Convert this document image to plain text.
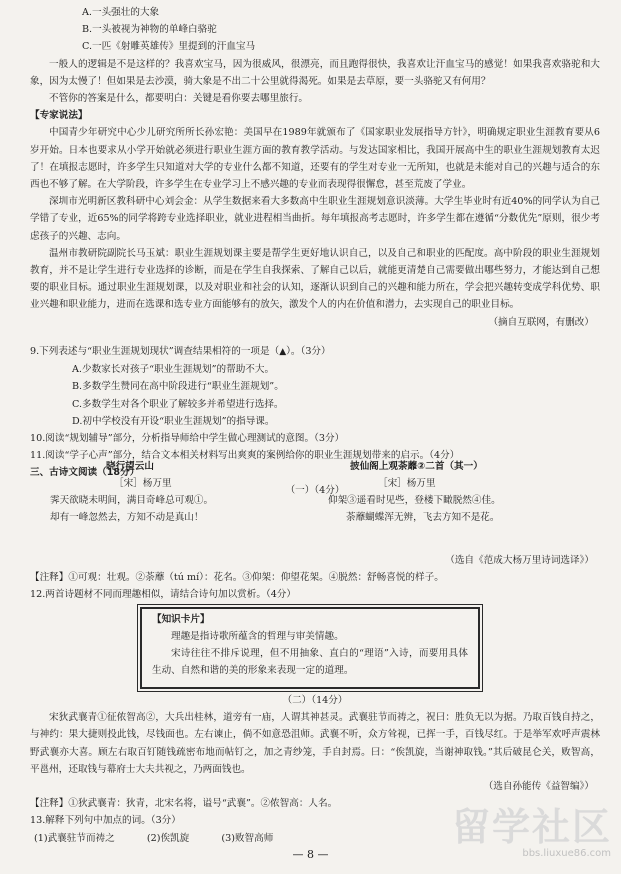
A.一头强壮的大象

B.一头被视为神物的单峰白骆驼

C.一匹《射雕英雄传》里提到的汗血宝马

一般人的逻辑是不是这样的？我喜欢宝马，因为很威风，很漂亮，而且跑得很快，我喜欢让汗血宝马的感觉！如果我喜欢骆驼和大象，因为太慢了！但如果是去沙漠，骑大象是不出二十公里就得渴死。如果是去草原，要一头骆驼又有何用？

不管你的答案是什么，都要明白：关键是看你要去哪里旅行。

【专家说法】

中国青少年研究中心少儿研究所所长孙宏艳：美国早在1989年就颁布了《国家职业发展指导方针》，明确规定职业生涯教育要从6岁开始。日本也要求从小学开始就必须进行职业生涯方面的教育教学活动。与发达国家相比，我国开展高中生的职业生涯规划教育太迟了！在填报志愿时，许多学生只知道对大学的专业什么都不知道，还要有的学生对专业一无所知，也就是未能对自己的兴趣与适合的东西也不够了解。在大学阶段，许多学生在专业学习上不感兴趣的专业而表现得很懈怠，甚至荒废了学业。

深圳市光明新区教科研中心刘会金：从学生数据来看大多数高中生职业生涯规划意识淡薄。大学生毕业时有近40%的同学认为自己学错了专业，近65%的同学将跨专业选择职业，就业进程相当曲折。每年填报高考志愿时，许多学生都在遵循“分数优先”原则，很少考虑孩子的兴趣、志向。

温州市教研院副院长马玉斌：职业生涯规划课主要是帮学生更好地认识自己，以及自己和职业的匹配度。高中阶段的职业生涯规划教育，并不是让学生进行专业选择的诊断，而是在学生自我探索、了解自己以后，就能更清楚自己需要做出哪些努力，才能达到自己想要的职业目标。通过职业生涯规划课，以及对职业和社会的认知，逐渐认识到自己的兴趣和能力所在，学会把兴趣转变成学科优势、职业兴趣和职业能力，进而在选课和选专业方面能够有的放矢，激发个人的内在价值和潜力，去实现自己的职业目标。

（摘自互联网，有删改）

9.下列表述与“职业生涯规划现状”调查结果相符的一项是（▲）。（3分）

A.少数家长对孩子“职业生涯规划”的帮助不大。

B.多数学生赞同在高中阶段进行“职业生涯规划”。

C.多数学生对各个职业了解较多并希望进行选择。

D.初中学校没有开设“职业生涯规划”的指导课。

10.阅读“规划辅导”部分，分析指导师给中学生做心理测试的意图。（3分）

11.阅读“学子心声”部分，结合文本相关材料写出爽爽的案例给你的职业生涯规划带来的启示。（4分）

三、古诗文阅读（18分）

（一）（4分）

晓行望云山
［宋］杨万里
霁天欲晓未明间，满目奇峰总可观①。
却有一峰忽然去，方知不动是真山！
披仙阁上观荼蘼②二首（其一）
［宋］杨万里
仰架③遥看时见些，登楼下瞰脱然④佳。
荼蘼蝴蝶浑无辨，飞去方知不是花。

（选自《范成大杨万里诗词选译》）

【注释】①可观：壮观。②荼蘼（tú mí）：花名。③仰架：仰望花架。④脱然：舒畅喜悦的样子。

12.两首诗题材不同而理趣相似，请结合诗句加以赏析。（4分）

【知识卡片】
理趣是指诗歌所蕴含的哲理与审美情趣。
宋诗往往不排斥说理，但不用抽象、直白的“理语”入诗，而要用具体生动、自然和谐的美的形象来表现一定的道理。

（二）（14分）

宋狄武襄青①征侬智高②，大兵出桂林，道旁有一庙，人谓其神甚灵。武襄驻节而祷之，祝曰：胜负无以为据。乃取百钱自持之，与神约：果大捷则投此钱，尽钱面也。左右谏止，倘不如意恐沮师。武襄不听，众方耸视，已挥一手，百钱尽红。于是举军欢呼声震林野武襄亦大喜。顾左右取百钉随钱疏密布地而帖钉之，加之青纱笼，手自封焉。曰：“俟凯旋，当谢神取钱。”其后破昆仑关，败智高，平邕州，还取钱与幕府士大夫共视之，乃两面钱也。

（选自孙能传《益智编》）

【注释】①狄武襄青：狄青，北宋名将，谥号“武襄”。②侬智高：人名。

13.解释下列句中加点的词。（3分）

(1)武襄驻节而祷之	(2)俟凯旋	(3)败智高师

— 8 —
留学社区
bbs.liuxue86.com
